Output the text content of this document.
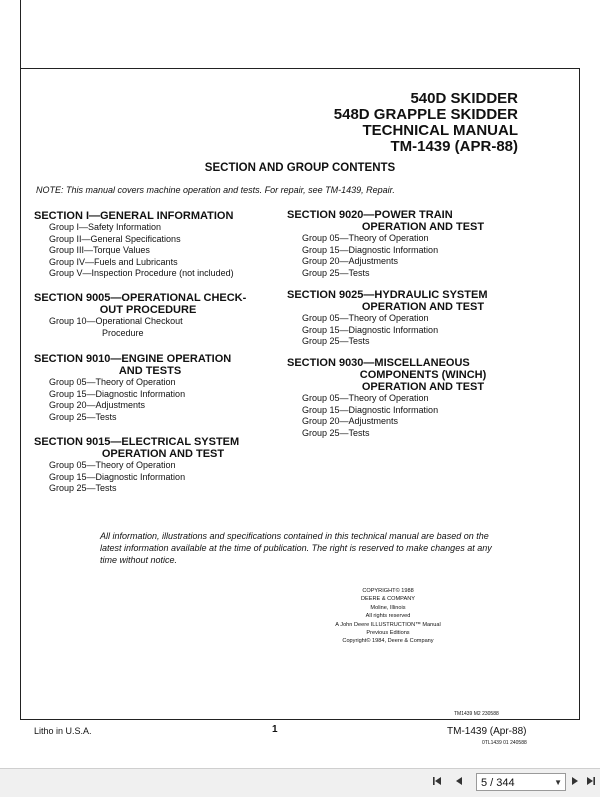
540D SKIDDER
548D GRAPPLE SKIDDER
TECHNICAL MANUAL
TM-1439 (APR-88)
SECTION AND GROUP CONTENTS
NOTE: This manual covers machine operation and tests. For repair, see TM-1439, Repair.
SECTION I—GENERAL INFORMATION
Group I—Safety Information
Group II—General Specifications
Group III—Torque Values
Group IV—Fuels and Lubricants
Group V—Inspection Procedure (not included)
SECTION 9005—OPERATIONAL CHECK-
OUT PROCEDURE
Group 10—Operational Checkout
Procedure
SECTION 9010—ENGINE OPERATION
AND TESTS
Group 05—Theory of Operation
Group 15—Diagnostic Information
Group 20—Adjustments
Group 25—Tests
SECTION 9015—ELECTRICAL SYSTEM
OPERATION AND TEST
Group 05—Theory of Operation
Group 15—Diagnostic Information
Group 25—Tests
SECTION 9020—POWER TRAIN
OPERATION AND TEST
Group 05—Theory of Operation
Group 15—Diagnostic Information
Group 20—Adjustments
Group 25—Tests
SECTION 9025—HYDRAULIC SYSTEM
OPERATION AND TEST
Group 05—Theory of Operation
Group 15—Diagnostic Information
Group 25—Tests
SECTION 9030—MISCELLANEOUS
COMPONENTS (WINCH)
OPERATION AND TEST
Group 05—Theory of Operation
Group 15—Diagnostic Information
Group 20—Adjustments
Group 25—Tests
All information, illustrations and specifications contained in this technical manual are based on the latest information available at the time of publication. The right is reserved to make changes at any time without notice.
COPYRIGHT© 1988
DEERE & COMPANY
Moline, Illinois
All rights reserved
A John Deere ILLUSTRUCTION™ Manual
Previous Editions
Copyright© 1984, Deere & Company
TM1439 M2 230588
Litho in U.S.A.	1	TM-1439 (Apr-88)
0TL1439 01 240588
5 / 344	▼
